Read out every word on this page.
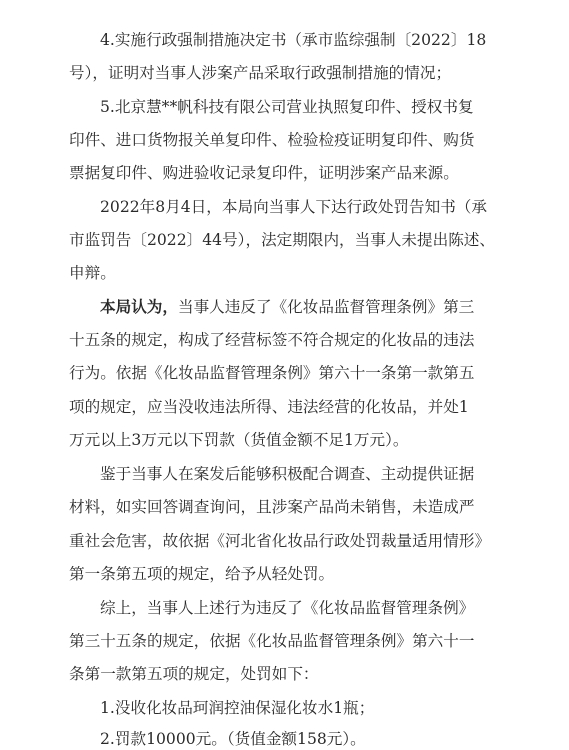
4.实施行政强制措施决定书（承市监综强制〔2022〕18
号），证明对当事人涉案产品采取行政强制措施的情况；
5.北京慧**帆科技有限公司营业执照复印件、授权书复
印件、进口货物报关单复印件、检验检疫证明复印件、购货
票据复印件、购进验收记录复印件，证明涉案产品来源。
2022年8月4日，本局向当事人下达行政处罚告知书（承
市监罚告〔2022〕44号），法定期限内，当事人未提出陈述、
申辩。
本局认为，当事人违反了《化妆品监督管理条例》第三
十五条的规定，构成了经营标签不符合规定的化妆品的违法
行为。依据《化妆品监督管理条例》第六十一条第一款第五
项的规定，应当没收违法所得、违法经营的化妆品，并处1
万元以上3万元以下罚款（货值金额不足1万元）。
鉴于当事人在案发后能够积极配合调查、主动提供证据
材料，如实回答调查询问，且涉案产品尚未销售，未造成严
重社会危害，故依据《河北省化妆品行政处罚裁量适用情形》
第一条第五项的规定，给予从轻处罚。
综上，当事人上述行为违反了《化妆品监督管理条例》
第三十五条的规定，依据《化妆品监督管理条例》第六十一
条第一款第五项的规定，处罚如下：
1.没收化妆品珂润控油保湿化妆水1瓶；
2.罚款10000元。（货值金额158元）。
